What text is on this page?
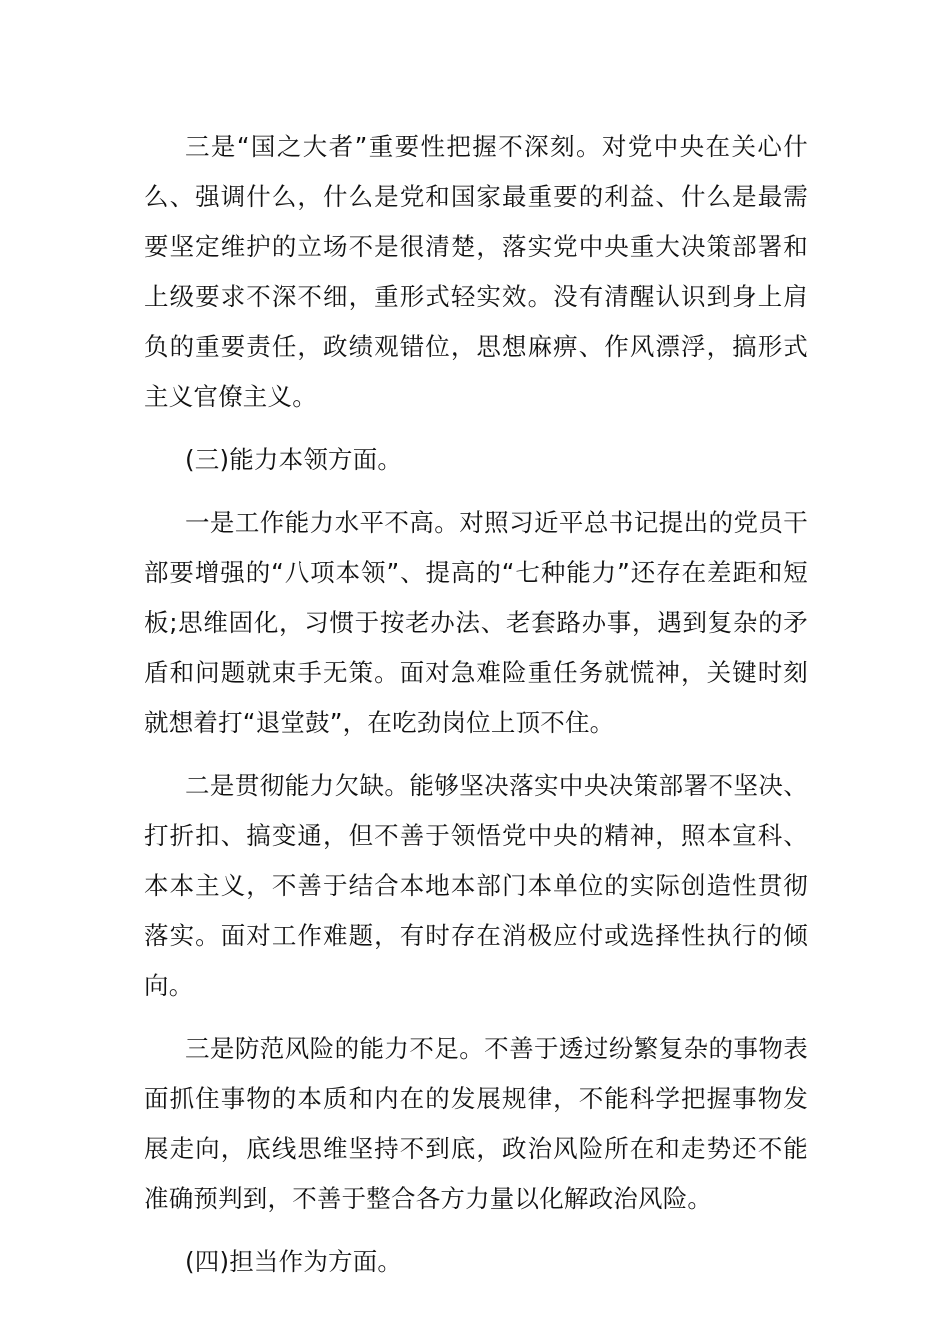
三是“国之大者”重要性把握不深刻。对党中央在关心什么、强调什么，什么是党和国家最重要的利益、什么是最需要坚定维护的立场不是很清楚，落实党中央重大决策部署和上级要求不深不细，重形式轻实效。没有清醒认识到身上肩负的重要责任，政绩观错位，思想麻痹、作风漂浮，搞形式主义官僚主义。

(三)能力本领方面。

一是工作能力水平不高。对照习近平总书记提出的党员干部要增强的“八项本领”、提高的“七种能力”还存在差距和短板;思维固化，习惯于按老办法、老套路办事，遇到复杂的矛盾和问题就束手无策。面对急难险重任务就慌神，关键时刻就想着打“退堂鼓”，在吃劲岗位上顶不住。

二是贯彻能力欠缺。能够坚决落实中央决策部署不坚决、打折扣、搞变通，但不善于领悟党中央的精神，照本宣科、本本主义，不善于结合本地本部门本单位的实际创造性贯彻落实。面对工作难题，有时存在消极应付或选择性执行的倾向。

三是防范风险的能力不足。不善于透过纷繁复杂的事物表面抓住事物的本质和内在的发展规律，不能科学把握事物发展走向，底线思维坚持不到底，政治风险所在和走势还不能准确预判到，不善于整合各方力量以化解政治风险。

(四)担当作为方面。
